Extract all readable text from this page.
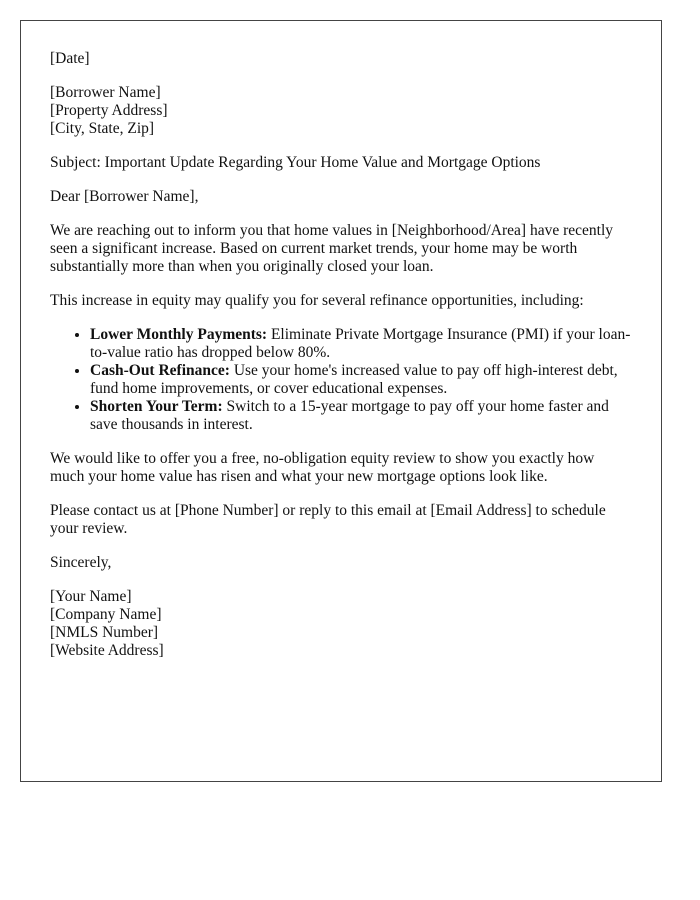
[Date]
[Borrower Name]
[Property Address]
[City, State, Zip]

Subject: Important Update Regarding Your Home Value and Mortgage Options

Dear [Borrower Name],

We are reaching out to inform you that home values in [Neighborhood/Area] have recently seen a significant increase. Based on current market trends, your home may be worth substantially more than when you originally closed your loan.

This increase in equity may qualify you for several refinance opportunities, including:

• Lower Monthly Payments: Eliminate Private Mortgage Insurance (PMI) if your loan-to-value ratio has dropped below 80%.
• Cash-Out Refinance: Use your home's increased value to pay off high-interest debt, fund home improvements, or cover educational expenses.
• Shorten Your Term: Switch to a 15-year mortgage to pay off your home faster and save thousands in interest.

We would like to offer you a free, no-obligation equity review to show you exactly how much your home value has risen and what your new mortgage options look like.

Please contact us at [Phone Number] or reply to this email at [Email Address] to schedule your review.

Sincerely,

[Your Name]
[Company Name]
[NMLS Number]
[Website Address]
